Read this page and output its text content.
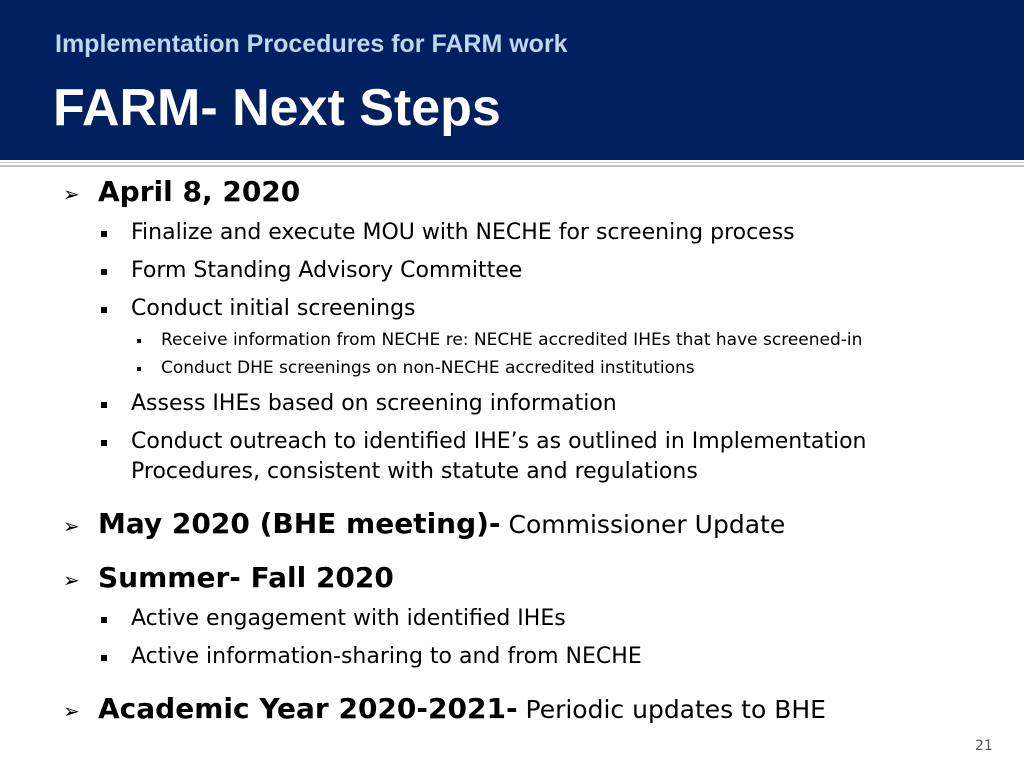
Implementation Procedures for FARM work
FARM- Next Steps
➢ April 8, 2020
Finalize and execute MOU with NECHE for screening process
Form Standing Advisory Committee
Conduct initial screenings
Receive information from NECHE re: NECHE accredited IHEs that have screened-in
Conduct DHE screenings on non-NECHE accredited institutions
Assess IHEs based on screening information
Conduct outreach to identified IHE’s as outlined in Implementation
Procedures, consistent with statute and regulations
➢ May 2020 (BHE meeting)- Commissioner Update
➢ Summer- Fall 2020
Active engagement with identified IHEs
Active information-sharing to and from NECHE
➢ Academic Year 2020-2021- Periodic updates to BHE
21
